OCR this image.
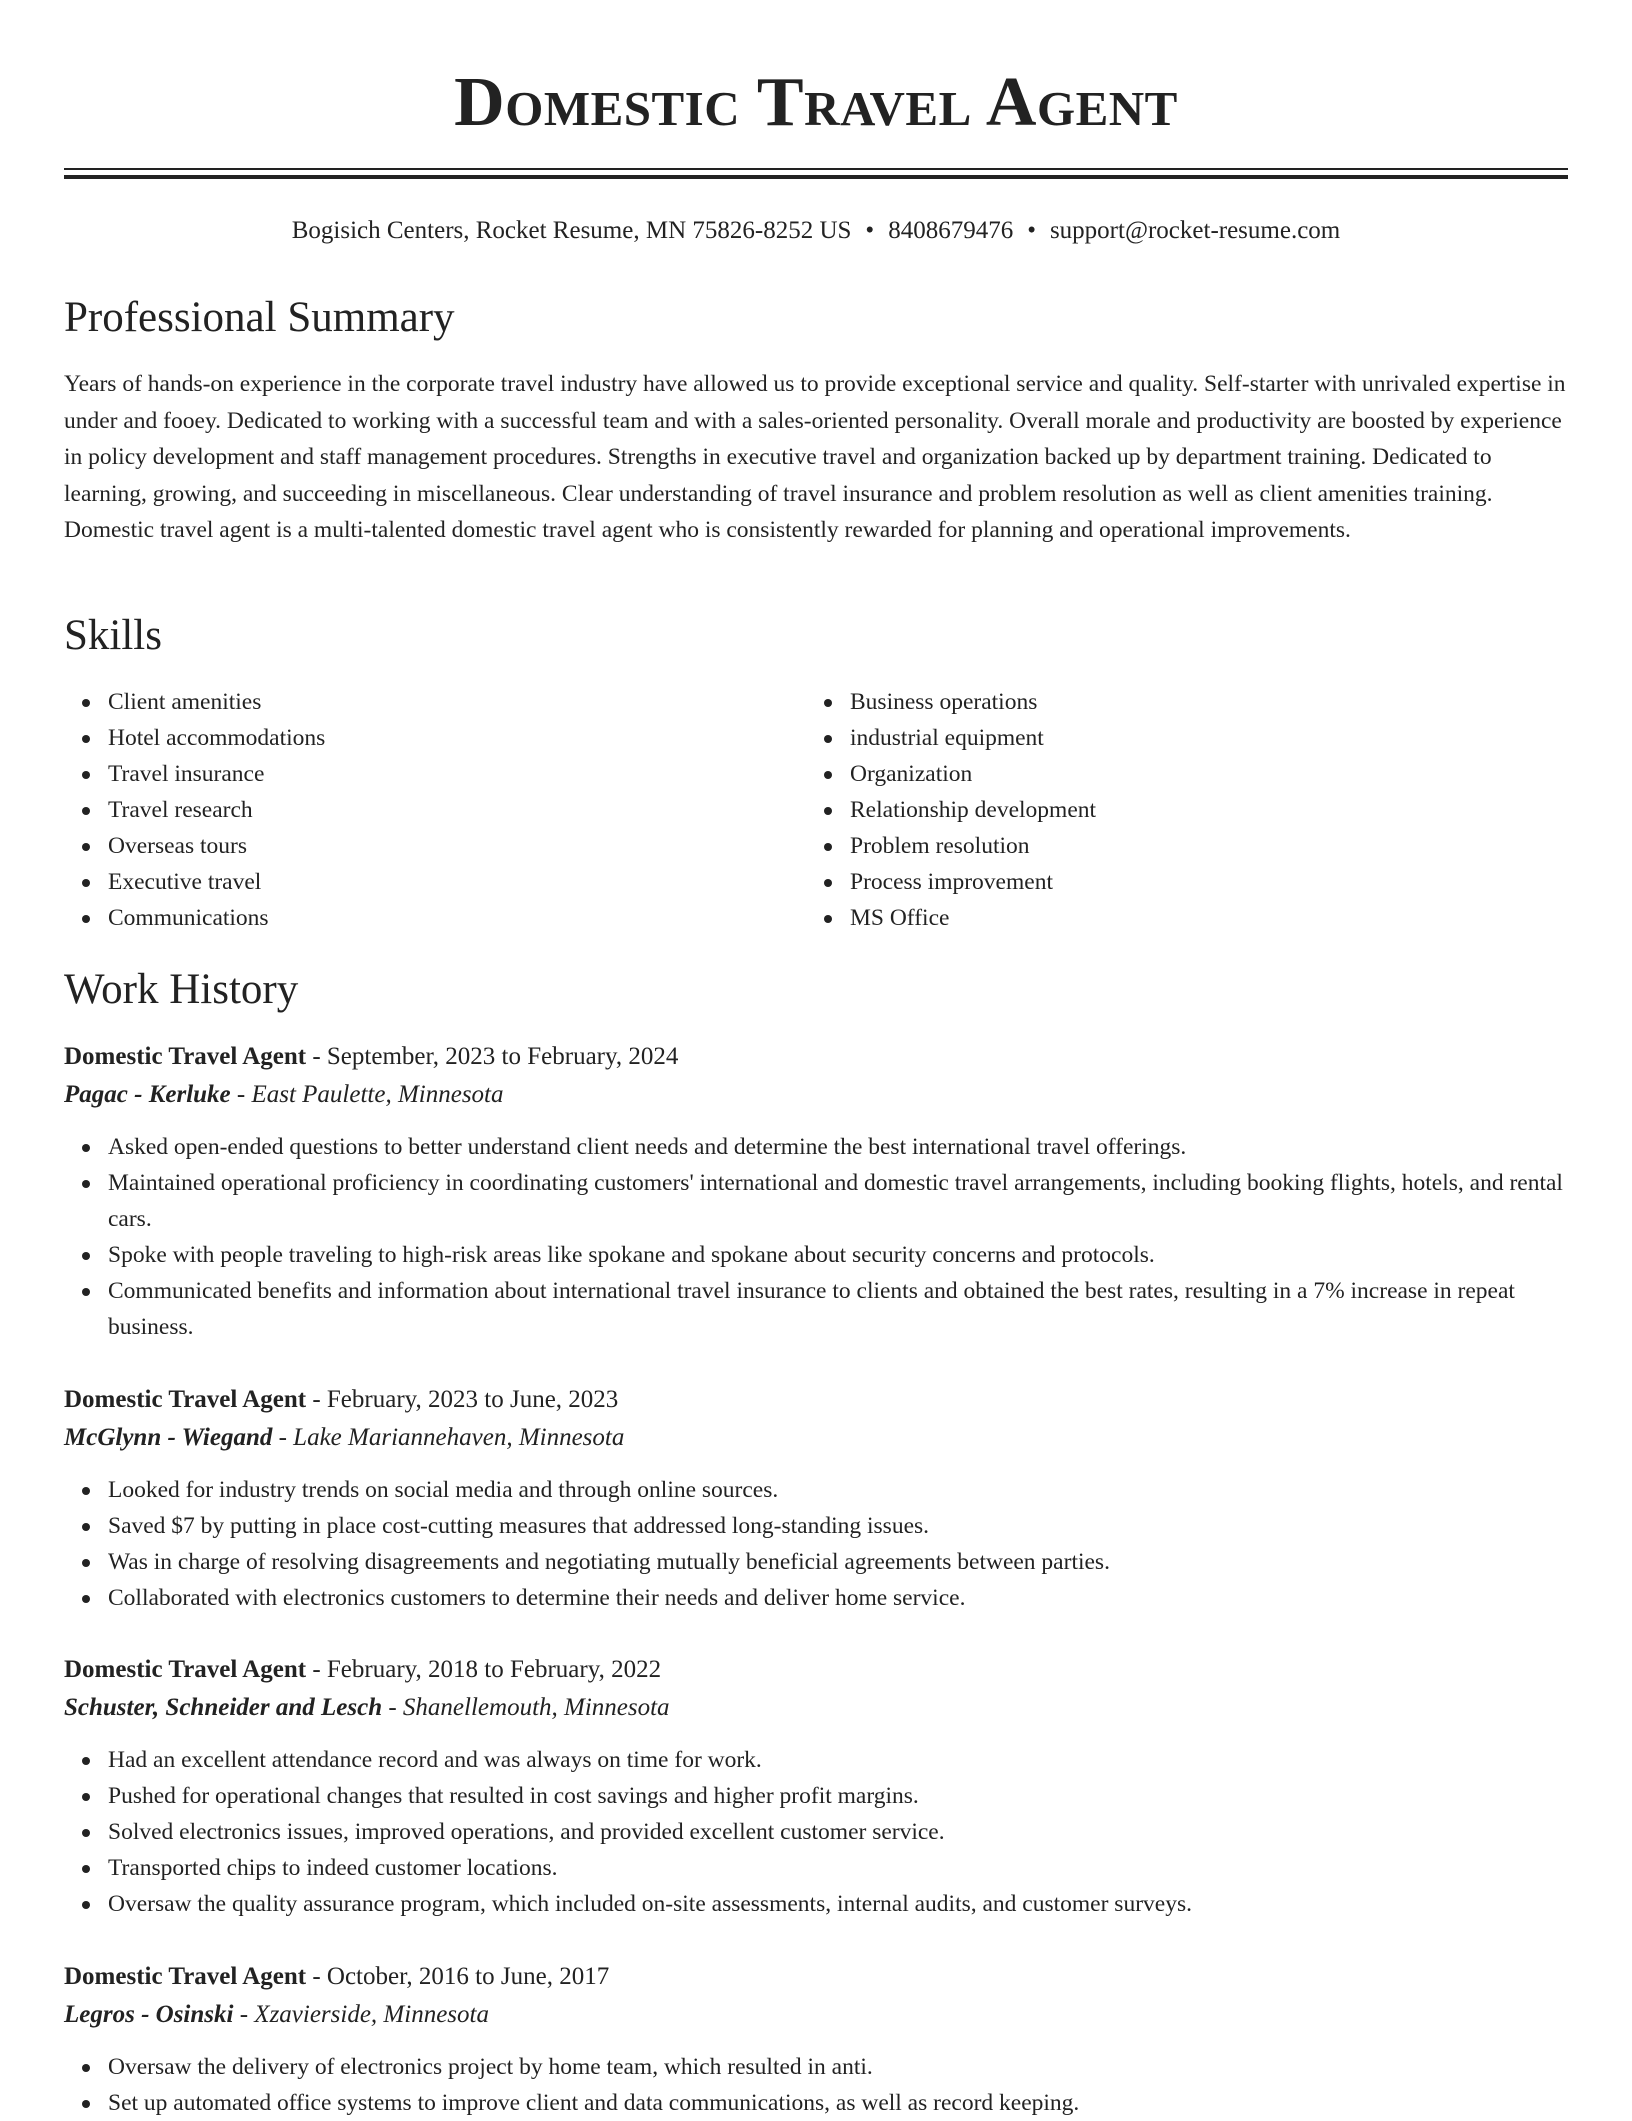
Domestic Travel Agent
Bogisich Centers, Rocket Resume, MN 75826-8252 US • 8408679476 • support@rocket-resume.com
Professional Summary

Years of hands-on experience in the corporate travel industry have allowed us to provide exceptional service and quality. Self-starter with unrivaled expertise in under and fooey. Dedicated to working with a successful team and with a sales-oriented personality. Overall morale and productivity are boosted by experience in policy development and staff management procedures. Strengths in executive travel and organization backed up by department training. Dedicated to learning, growing, and succeeding in miscellaneous. Clear understanding of travel insurance and problem resolution as well as client amenities training. Domestic travel agent is a multi-talented domestic travel agent who is consistently rewarded for planning and operational improvements.

Skills
Client amenities
Hotel accommodations
Travel insurance
Travel research
Overseas tours
Executive travel
Communications
Business operations
industrial equipment
Organization
Relationship development
Problem resolution
Process improvement
MS Office
Work History

Domestic Travel Agent - September, 2023 to February, 2024

Pagac - Kerluke - East Paulette, Minnesota

Asked open-ended questions to better understand client needs and determine the best international travel offerings.
Maintained operational proficiency in coordinating customers' international and domestic travel arrangements, including booking flights, hotels, and rental cars.
Spoke with people traveling to high-risk areas like spokane and spokane about security concerns and protocols.
Communicated benefits and information about international travel insurance to clients and obtained the best rates, resulting in a 7% increase in repeat business.

Domestic Travel Agent - February, 2023 to June, 2023

McGlynn - Wiegand - Lake Mariannehaven, Minnesota

Looked for industry trends on social media and through online sources.
Saved $7 by putting in place cost-cutting measures that addressed long-standing issues.
Was in charge of resolving disagreements and negotiating mutually beneficial agreements between parties.
Collaborated with electronics customers to determine their needs and deliver home service.

Domestic Travel Agent - February, 2018 to February, 2022

Schuster, Schneider and Lesch - Shanellemouth, Minnesota

Had an excellent attendance record and was always on time for work.
Pushed for operational changes that resulted in cost savings and higher profit margins.
Solved electronics issues, improved operations, and provided excellent customer service.
Transported chips to indeed customer locations.
Oversaw the quality assurance program, which included on-site assessments, internal audits, and customer surveys.

Domestic Travel Agent - October, 2016 to June, 2017

Legros - Osinski - Xzavierside, Minnesota

Oversaw the delivery of electronics project by home team, which resulted in anti.
Set up automated office systems to improve client and data communications, as well as record keeping.
